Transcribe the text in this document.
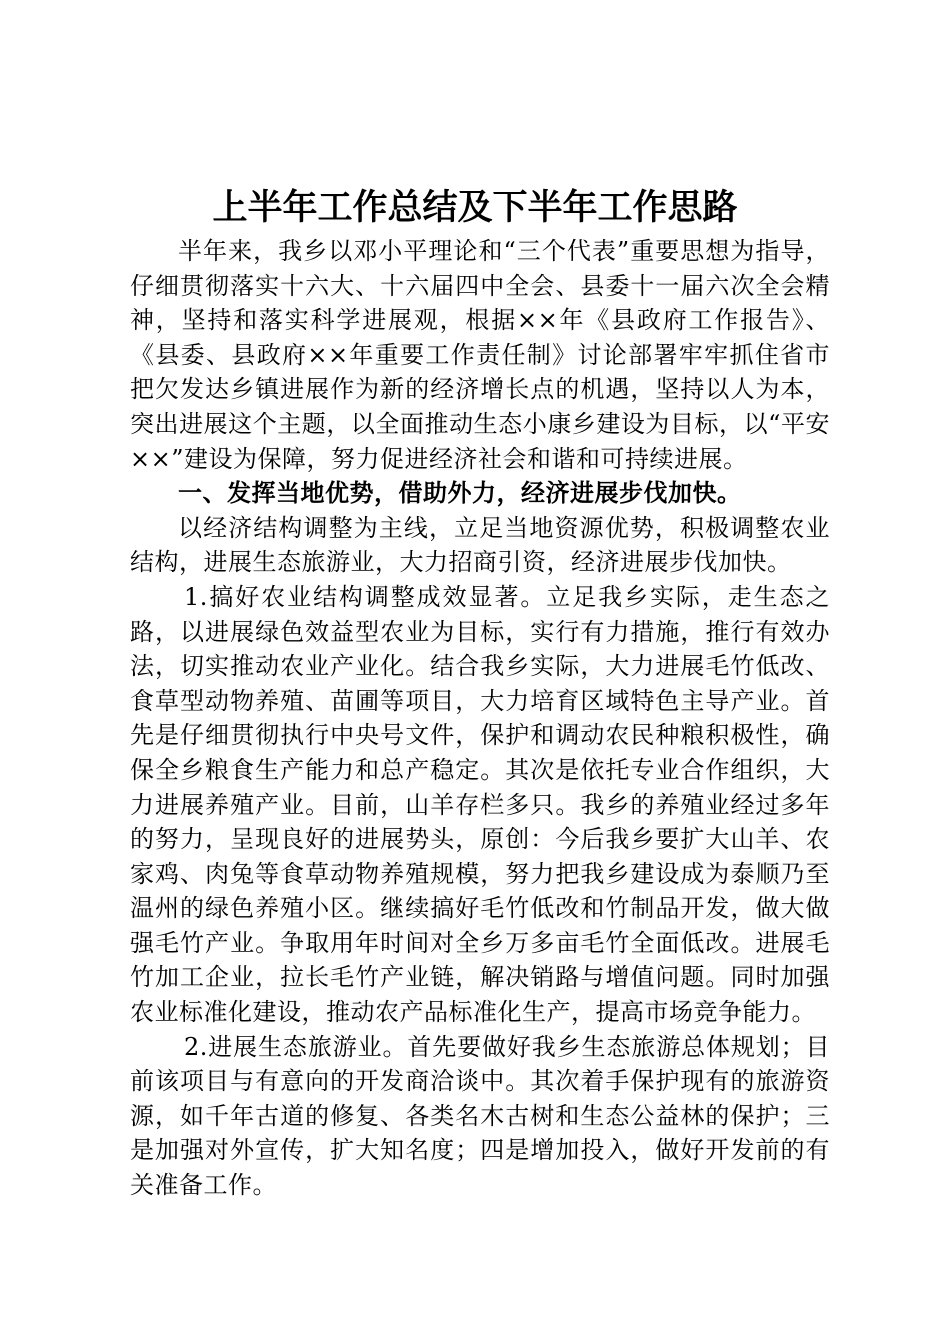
上半年工作总结及下半年工作思路

半年来，我乡以邓小平理论和“三个代表”重要思想为指导，仔细贯彻落实十六大、十六届四中全会、县委十一届六次全会精神，坚持和落实科学进展观，根据××年《县政府工作报告》、《县委、县政府××年重要工作责任制》讨论部署牢牢抓住省市把欠发达乡镇进展作为新的经济增长点的机遇，坚持以人为本，突出进展这个主题，以全面推动生态小康乡建设为目标，以“平安××”建设为保障，努力促进经济社会和谐和可持续进展。

一、发挥当地优势，借助外力，经济进展步伐加快。

以经济结构调整为主线，立足当地资源优势，积极调整农业结构，进展生态旅游业，大力招商引资，经济进展步伐加快。

1.搞好农业结构调整成效显著。立足我乡实际，走生态之路，以进展绿色效益型农业为目标，实行有力措施，推行有效办法，切实推动农业产业化。结合我乡实际，大力进展毛竹低改、食草型动物养殖、苗圃等项目，大力培育区域特色主导产业。首先是仔细贯彻执行中央号文件，保护和调动农民种粮积极性，确保全乡粮食生产能力和总产稳定。其次是依托专业合作组织，大力进展养殖产业。目前，山羊存栏多只。我乡的养殖业经过多年的努力，呈现良好的进展势头，原创：今后我乡要扩大山羊、农家鸡、肉兔等食草动物养殖规模，努力把我乡建设成为泰顺乃至温州的绿色养殖小区。继续搞好毛竹低改和竹制品开发，做大做强毛竹产业。争取用年时间对全乡万多亩毛竹全面低改。进展毛竹加工企业，拉长毛竹产业链，解决销路与增值问题。同时加强农业标准化建设，推动农产品标准化生产，提高市场竞争能力。

2.进展生态旅游业。首先要做好我乡生态旅游总体规划；目前该项目与有意向的开发商洽谈中。其次着手保护现有的旅游资源，如千年古道的修复、各类名木古树和生态公益林的保护；三是加强对外宣传，扩大知名度；四是增加投入，做好开发前的有关准备工作。
